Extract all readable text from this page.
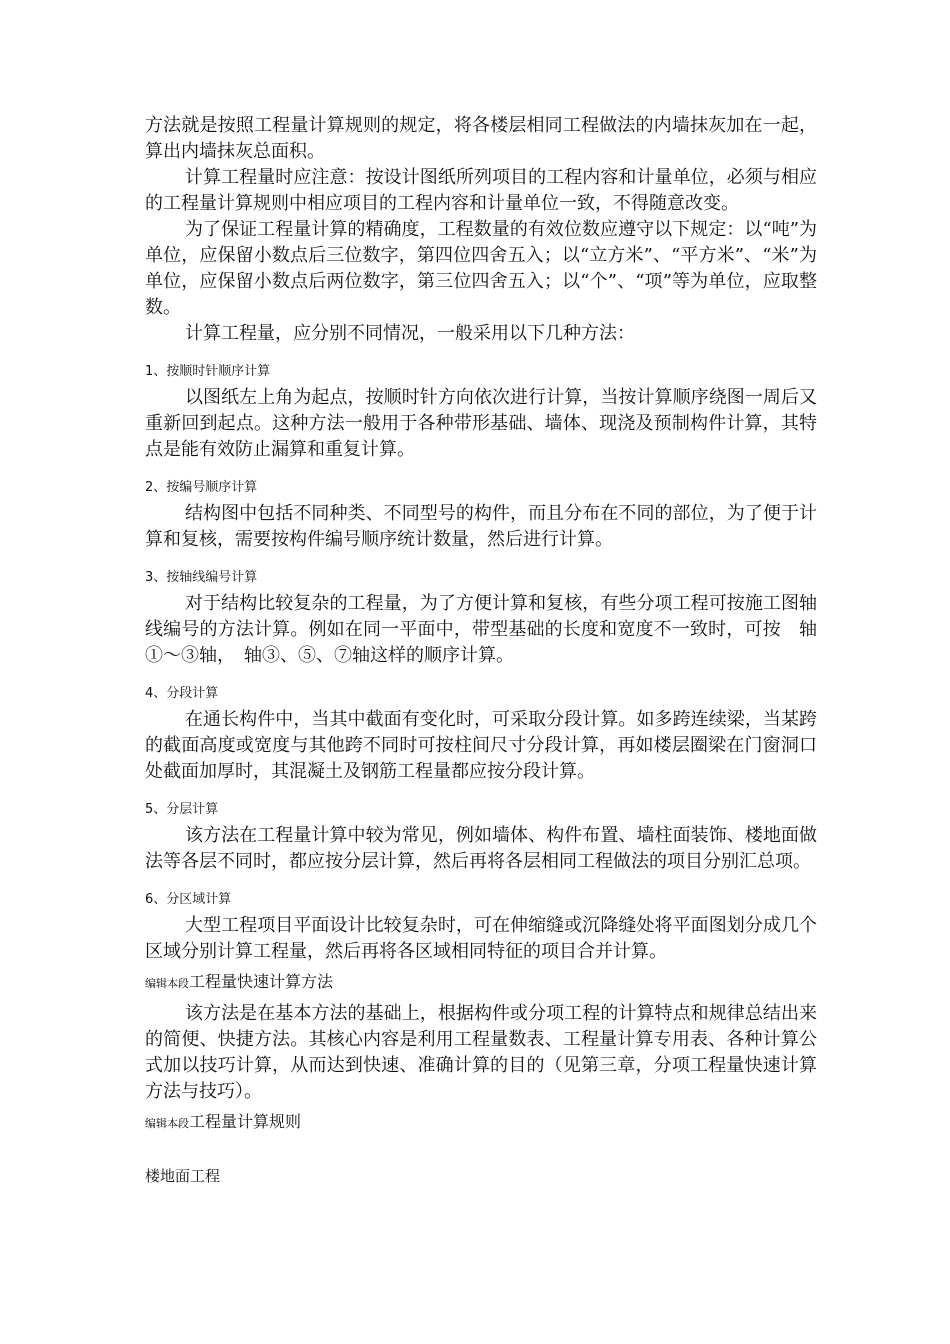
方法就是按照工程量计算规则的规定，将各楼层相同工程做法的内墙抹灰加在一起，算出内墙抹灰总面积。

计算工程量时应注意：按设计图纸所列项目的工程内容和计量单位，必须与相应的工程量计算规则中相应项目的工程内容和计量单位一致，不得随意改变。

为了保证工程量计算的精确度，工程数量的有效位数应遵守以下规定：以“吨”为单位，应保留小数点后三位数字，第四位四舍五入；以“立方米”、“平方米”、“米”为单位，应保留小数点后两位数字，第三位四舍五入；以“个”、“项”等为单位，应取整数。

计算工程量，应分别不同情况，一般采用以下几种方法：

1、按顺时针顺序计算

以图纸左上角为起点，按顺时针方向依次进行计算，当按计算顺序绕图一周后又重新回到起点。这种方法一般用于各种带形基础、墙体、现浇及预制构件计算，其特点是能有效防止漏算和重复计算。

2、按编号顺序计算

结构图中包括不同种类、不同型号的构件，而且分布在不同的部位，为了便于计算和复核，需要按构件编号顺序统计数量，然后进行计算。

3、按轴线编号计算

对于结构比较复杂的工程量，为了方便计算和复核，有些分项工程可按施工图轴线编号的方法计算。例如在同一平面中，带型基础的长度和宽度不一致时，可按　轴①～③轴，　轴③、⑤、⑦轴这样的顺序计算。

4、分段计算

在通长构件中，当其中截面有变化时，可采取分段计算。如多跨连续梁，当某跨的截面高度或宽度与其他跨不同时可按柱间尺寸分段计算，再如楼层圈梁在门窗洞口处截面加厚时，其混凝土及钢筋工程量都应按分段计算。

5、分层计算

该方法在工程量计算中较为常见，例如墙体、构件布置、墙柱面装饰、楼地面做法等各层不同时，都应按分层计算，然后再将各层相同工程做法的项目分别汇总项。

6、分区域计算

大型工程项目平面设计比较复杂时，可在伸缩缝或沉降缝处将平面图划分成几个区域分别计算工程量，然后再将各区域相同特征的项目合并计算。

编辑本段工程量快速计算方法

该方法是在基本方法的基础上，根据构件或分项工程的计算特点和规律总结出来的简便、快捷方法。其核心内容是利用工程量数表、工程量计算专用表、各种计算公式加以技巧计算，从而达到快速、准确计算的目的（见第三章，分项工程量快速计算方法与技巧）。

编辑本段工程量计算规则
楼地面工程
